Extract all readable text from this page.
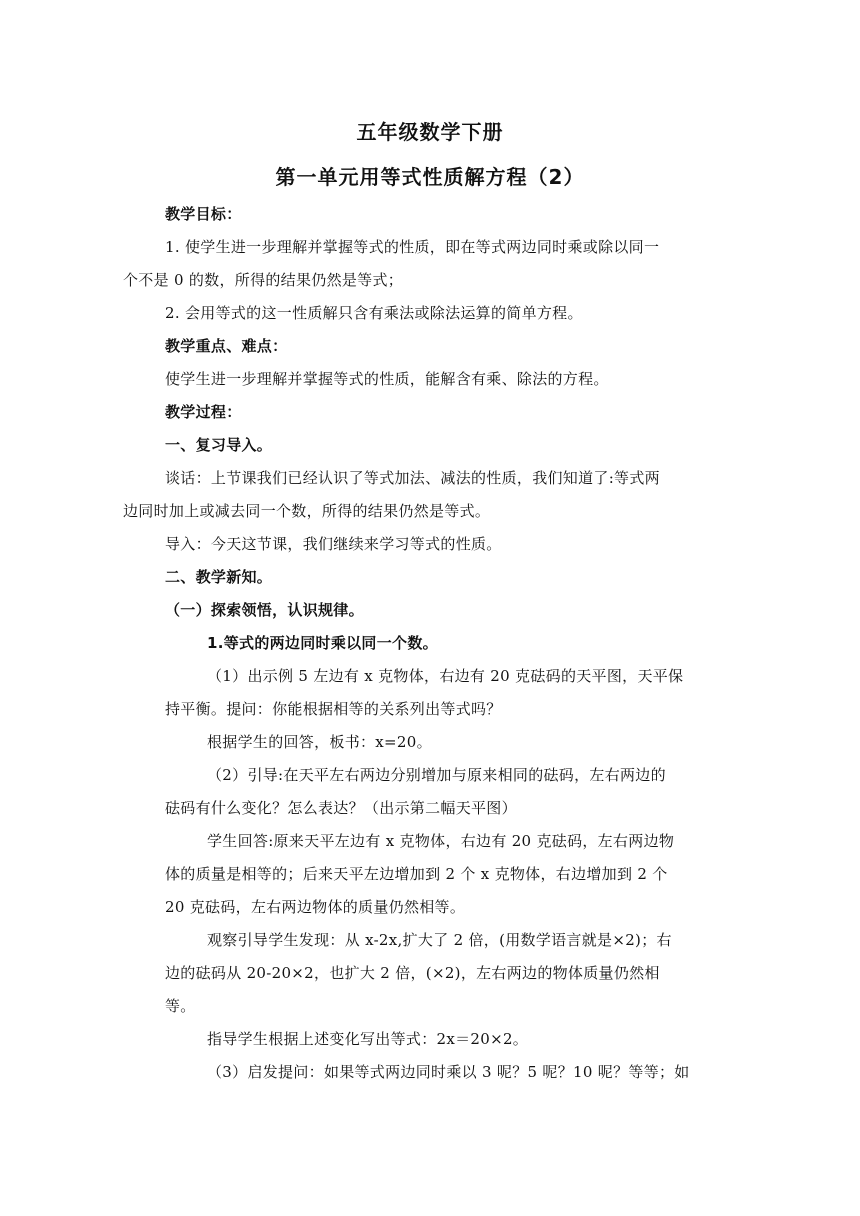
五年级数学下册
第一单元用等式性质解方程（2）
教学目标：
1. 使学生进一步理解并掌握等式的性质，即在等式两边同时乘或除以同一
个不是 0 的数，所得的结果仍然是等式；
2. 会用等式的这一性质解只含有乘法或除法运算的简单方程。
教学重点、难点：
使学生进一步理解并掌握等式的性质，能解含有乘、除法的方程。
教学过程：
一、复习导入。
谈话：上节课我们已经认识了等式加法、减法的性质，我们知道了:等式两
边同时加上或减去同一个数，所得的结果仍然是等式。
导入：今天这节课，我们继续来学习等式的性质。
二、教学新知。
（一）探索领悟，认识规律。
1.等式的两边同时乘以同一个数。
（1）出示例 5 左边有 x 克物体，右边有 20 克砝码的天平图，天平保
持平衡。提问：你能根据相等的关系列出等式吗？
根据学生的回答，板书：x=20。
（2）引导:在天平左右两边分别增加与原来相同的砝码，左右两边的
砝码有什么变化？怎么表达？（出示第二幅天平图）
学生回答:原来天平左边有 x 克物体，右边有 20 克砝码，左右两边物
体的质量是相等的；后来天平左边增加到 2 个 x 克物体，右边增加到 2 个
20 克砝码，左右两边物体的质量仍然相等。
观察引导学生发现：从 x-2x,扩大了 2 倍，(用数学语言就是×2)；右
边的砝码从 20-20×2，也扩大 2 倍，(×2)，左右两边的物体质量仍然相
等。
指导学生根据上述变化写出等式：2x＝20×2。
（3）启发提问：如果等式两边同时乘以 3 呢？5 呢？10 呢？等等；如
